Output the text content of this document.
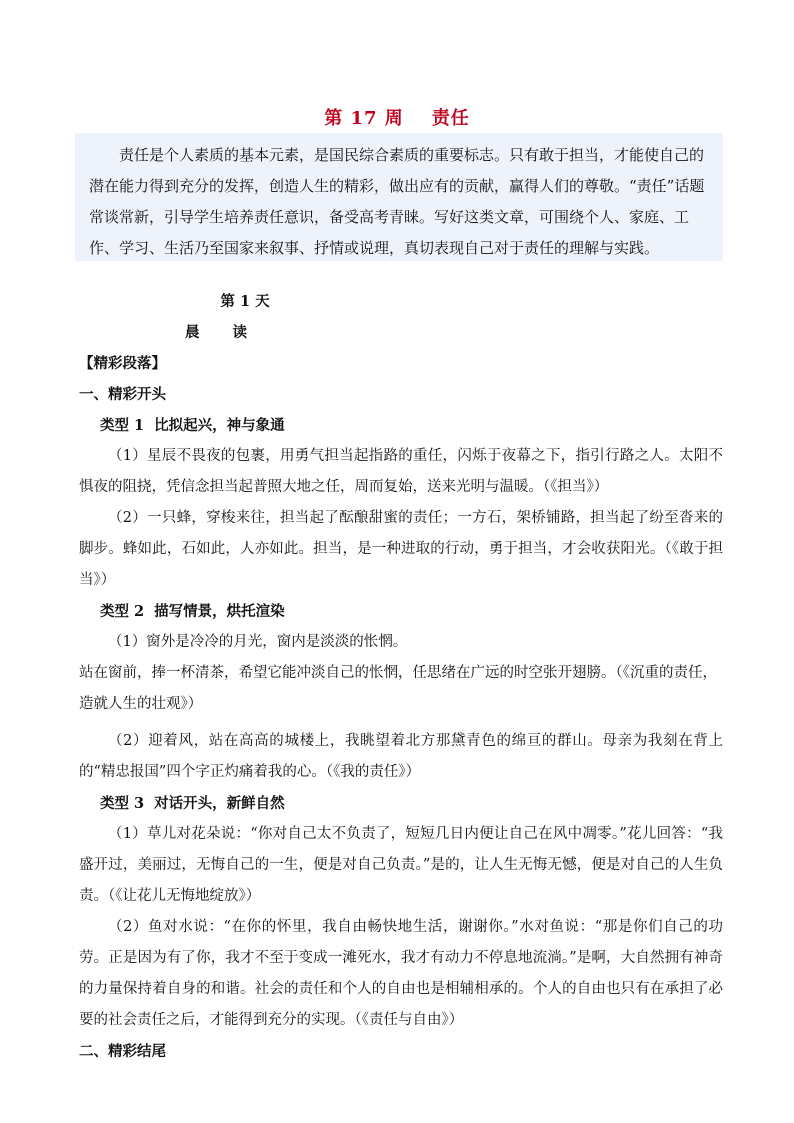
第 17 周 责任

责任是个人素质的基本元素，是国民综合素质的重要标志。只有敢于担当，才能使自己的潜在能力得到充分的发挥，创造人生的精彩，做出应有的贡献，赢得人们的尊敬。“责任”话题常谈常新，引导学生培养责任意识，备受高考青睐。写好这类文章，可围绕个人、家庭、工作、学习、生活乃至国家来叙事、抒情或说理，真切表现自己对于责任的理解与实践。

第 1 天

晨 读

【精彩段落】

一、精彩开头

类型 1 比拟起兴，神与象通

（1）星辰不畏夜的包裹，用勇气担当起指路的重任，闪烁于夜幕之下，指引行路之人。太阳不惧夜的阻挠，凭信念担当起普照大地之任，周而复始，送来光明与温暖。（《担当》）

（2）一只蜂，穿梭来往，担当起了酝酿甜蜜的责任；一方石，架桥铺路，担当起了纷至沓来的脚步。蜂如此，石如此，人亦如此。担当，是一种进取的行动，勇于担当，才会收获阳光。（《敢于担当》）

类型 2 描写情景，烘托渲染

（1）窗外是冷冷的月光，窗内是淡淡的怅惘。

站在窗前，捧一杯清茶，希望它能冲淡自己的怅惘，任思绪在广远的时空张开翅膀。（《沉重的责任，造就人生的壮观》）

（2）迎着风，站在高高的城楼上，我眺望着北方那黛青色的绵亘的群山。母亲为我刻在背上的“精忠报国”四个字正灼痛着我的心。（《我的责任》）

类型 3 对话开头，新鲜自然

（1）草儿对花朵说：“你对自己太不负责了，短短几日内便让自己在风中凋零。”花儿回答：“我盛开过，美丽过，无悔自己的一生，便是对自己负责。”是的，让人生无悔无憾，便是对自己的人生负责。（《让花儿无悔地绽放》）

（2）鱼对水说：“在你的怀里，我自由畅快地生活，谢谢你。”水对鱼说：“那是你们自己的功劳。正是因为有了你，我才不至于变成一滩死水，我才有动力不停息地流淌。”是啊，大自然拥有神奇的力量保持着自身的和谐。社会的责任和个人的自由也是相辅相承的。个人的自由也只有在承担了必要的社会责任之后，才能得到充分的实现。（《责任与自由》）

二、精彩结尾
